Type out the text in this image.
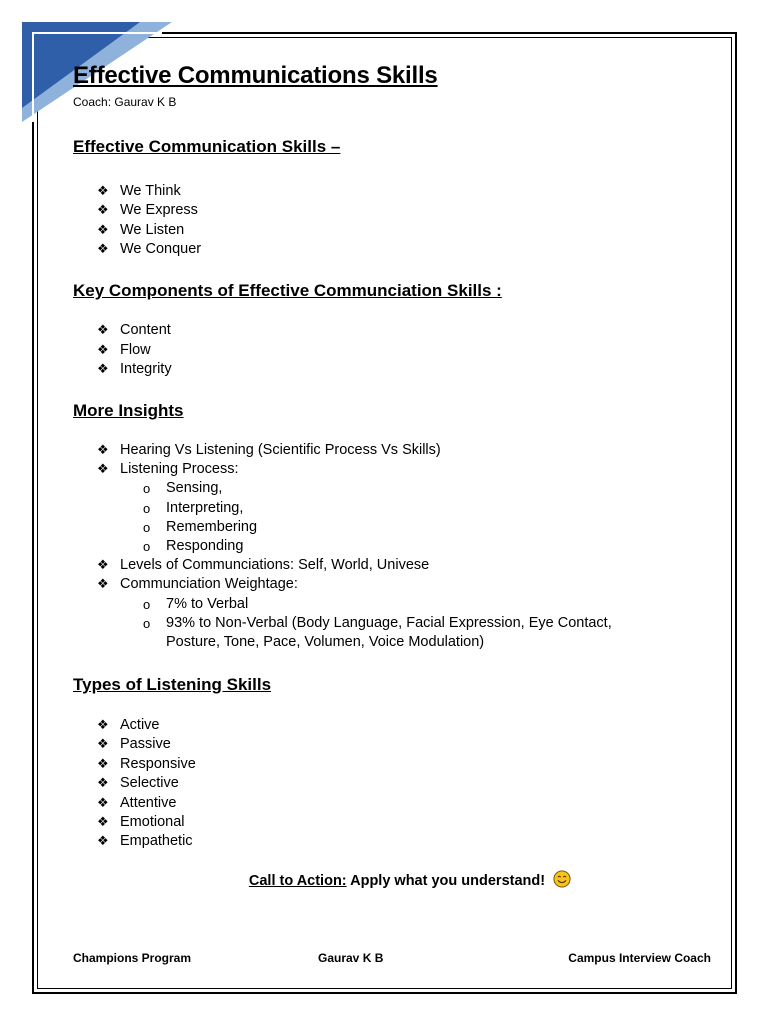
Effective Communications Skills
Coach: Gaurav K B
Effective Communication Skills –
❖ We Think
❖ We Express
❖ We Listen
❖ We Conquer
Key Components of Effective Communciation Skills :
❖ Content
❖ Flow
❖ Integrity
More Insights
❖ Hearing Vs Listening (Scientific Process Vs Skills)
❖ Listening Process:
o Sensing,
o Interpreting,
o Remembering
o Responding
❖ Levels of Communciations: Self, World, Univese
❖ Communciation Weightage:
o 7% to Verbal
o 93% to Non-Verbal (Body Language, Facial Expression, Eye Contact,
Posture, Tone, Pace, Volumen, Voice Modulation)
Types of Listening Skills
❖ Active
❖ Passive
❖ Responsive
❖ Selective
❖ Attentive
❖ Emotional
❖ Empathetic
Call to Action: Apply what you understand!
Champions Program	Gaurav K B	Campus Interview Coach
